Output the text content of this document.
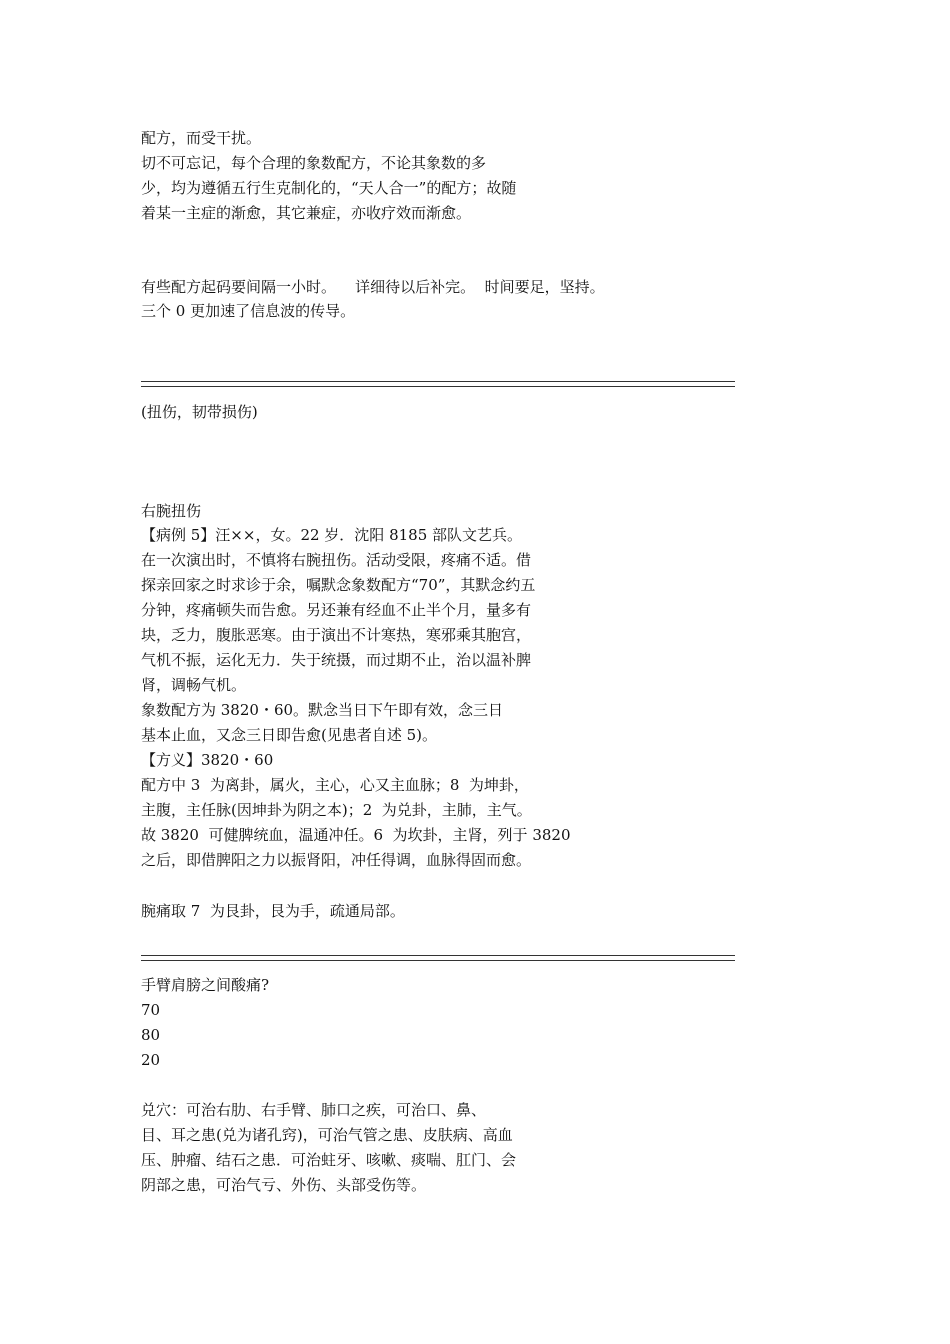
配方，而受干扰。
切不可忘记，每个合理的象数配方，不论其象数的多
少，均为遵循五行生克制化的，“天人合一”的配方；故随
着某一主症的渐愈，其它兼症，亦收疗效而渐愈。
有些配方起码要间隔一小时。    详细待以后补完。  时间要足，坚持。
三个 0 更加速了信息波的传导。
(扭伤，韧带损伤)
右腕扭伤
【病例 5】汪××，女。22 岁．沈阳 8185 部队文艺兵。
在一次演出时，不慎将右腕扭伤。活动受限，疼痛不适。借
探亲回家之时求诊于余，嘱默念象数配方“70”，其默念约五
分钟，疼痛顿失而告愈。另还兼有经血不止半个月，量多有
块，乏力，腹胀恶寒。由于演出不计寒热，寒邪乘其胞宫，
气机不振，运化无力．失于统摄，而过期不止，治以温补脾
肾，调畅气机。
象数配方为 3820・60。默念当日下午即有效，念三日
基本止血，又念三日即告愈(见患者自述 5)。
【方义】3820・60
配方中 3  为离卦，属火，主心，心又主血脉；8  为坤卦，
主腹，主任脉(因坤卦为阴之本)；2  为兑卦，主肺，主气。
故 3820  可健脾统血，温通冲任。6  为坎卦，主肾，列于 3820
之后，即借脾阳之力以振肾阳，冲任得调，血脉得固而愈。
腕痛取 7  为艮卦，艮为手，疏通局部。
手臂肩膀之间酸痛?
70
80
20
兑穴：可治右肋、右手臂、肺口之疾，可治口、鼻、
目、耳之患(兑为诸孔窍)，可治气管之患、皮肤病、高血
压、肿瘤、结石之患．可治蛀牙、咳嗽、痰喘、肛门、会
阴部之患，可治气亏、外伤、头部受伤等。
